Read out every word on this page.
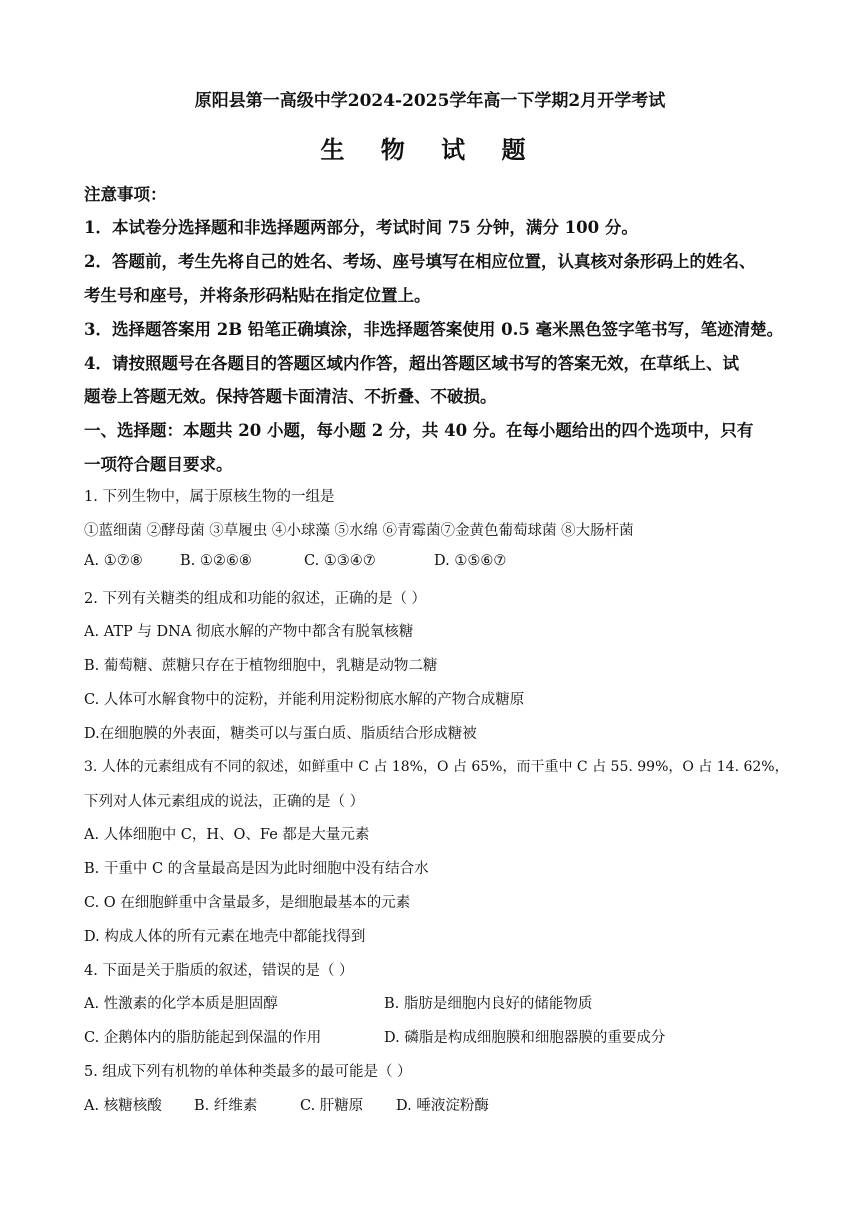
原阳县第一高级中学2024-2025学年高一下学期2月开学考试
生 物 试 题
注意事项：
1．本试卷分选择题和非选择题两部分，考试时间 75 分钟，满分 100 分。
2．答题前，考生先将自己的姓名、考场、座号填写在相应位置，认真核对条形码上的姓名、
考生号和座号，并将条形码粘贴在指定位置上。
3．选择题答案用 2B 铅笔正确填涂，非选择题答案使用 0.5 毫米黑色签字笔书写，笔迹清楚。
4．请按照题号在各题目的答题区域内作答，超出答题区域书写的答案无效，在草纸上、试
题卷上答题无效。保持答题卡面清洁、不折叠、不破损。
一、选择题：本题共 20 小题，每小题 2 分，共 40 分。在每小题给出的四个选项中，只有
一项符合题目要求。
1. 下列生物中，属于原核生物的一组是
①蓝细菌 ②酵母菌 ③草履虫 ④小球藻 ⑤水绵 ⑥青霉菌⑦金黄色葡萄球菌 ⑧大肠杆菌
A. ①⑦⑧	B. ①②⑥⑧	C. ①③④⑦	D. ①⑤⑥⑦
2. 下列有关糖类的组成和功能的叙述，正确的是（ ）
A. ATP 与 DNA 彻底水解的产物中都含有脱氧核糖
B. 葡萄糖、蔗糖只存在于植物细胞中，乳糖是动物二糖
C. 人体可水解食物中的淀粉，并能利用淀粉彻底水解的产物合成糖原
D.在细胞膜的外表面，糖类可以与蛋白质、脂质结合形成糖被
3. 人体的元素组成有不同的叙述，如鲜重中 C 占 18%，O 占 65%，而干重中 C 占 55. 99%，O 占 14. 62%，
下列对人体元素组成的说法，正确的是（ ）
A. 人体细胞中 C，H、O、Fe 都是大量元素
B. 干重中 C 的含量最高是因为此时细胞中没有结合水
C. O 在细胞鲜重中含量最多，是细胞最基本的元素
D. 构成人体的所有元素在地壳中都能找得到
4. 下面是关于脂质的叙述，错误的是（ ）
A. 性激素的化学本质是胆固醇	B. 脂肪是细胞内良好的储能物质
C. 企鹅体内的脂肪能起到保温的作用	D. 磷脂是构成细胞膜和细胞器膜的重要成分
5. 组成下列有机物的单体种类最多的最可能是（ ）
A. 核糖核酸 B. 纤维素	C. 肝糖原 D. 唾液淀粉酶
